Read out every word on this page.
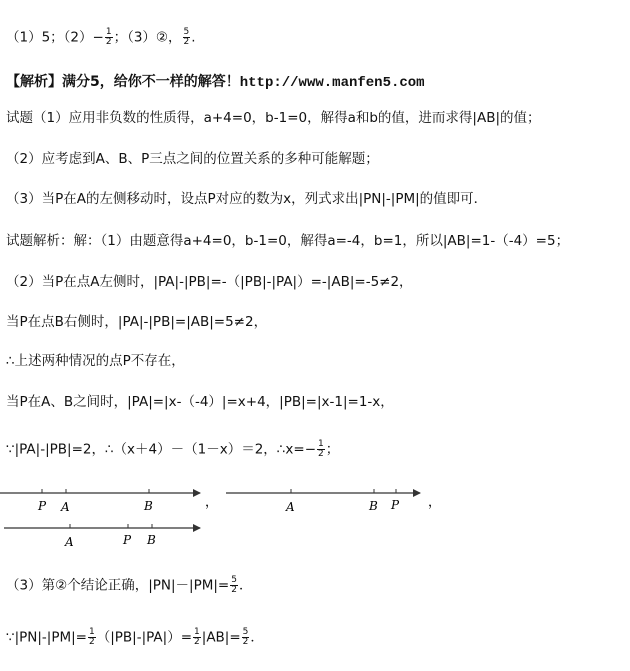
（1）5；$(2)- \frac{1}{2}$ ；（3）②， $\frac{5}{2}$ .
【解析】满分5，给你不一样的解答！http://www.manfen5.com
试题（1）应用非负数的性质得，a+4=0，b-1=0，解得a和b的值，进而求得|AB|的值；
（2）应考虑到A、B、P三点之间的位置关系的多种可能解题；
（3）当P在A的左侧移动时，设点P对应的数为x，列式求出|PN|-|PM|的值即可．
试题解析：解：（1）由题意得a+4=0，b-1=0，解得a=-4，b=1，所以|AB|=1-（-4）=5；
（2）当P在点A左侧时，|PA|-|PB|=-（|PB|-|PA|）=-|AB|=-5≠2，
当P在点B右侧时，|PA|-|PB|=|AB|=5≠2，
∴上述两种情况的点P不存在，
当P在A、B之间时，|PA|=|x-（-4）|=x+4，|PB|=|x-1|=1-x，
∵|PA|-|PB|=2，∴（x＋4）－（1－x）＝2，∴x=− $\frac{1}{2}$ ；
P A	B	，	A	B P ，
A	P B
（3）第②个结论正确，$|PN|-|PM|= \frac{5}{2}$ ．
∵|PN|-|PM|= $\frac{1}{2} (|PB|-|PA|)= \frac{1}{2} |AB|= \frac{5}{2}$ ．
